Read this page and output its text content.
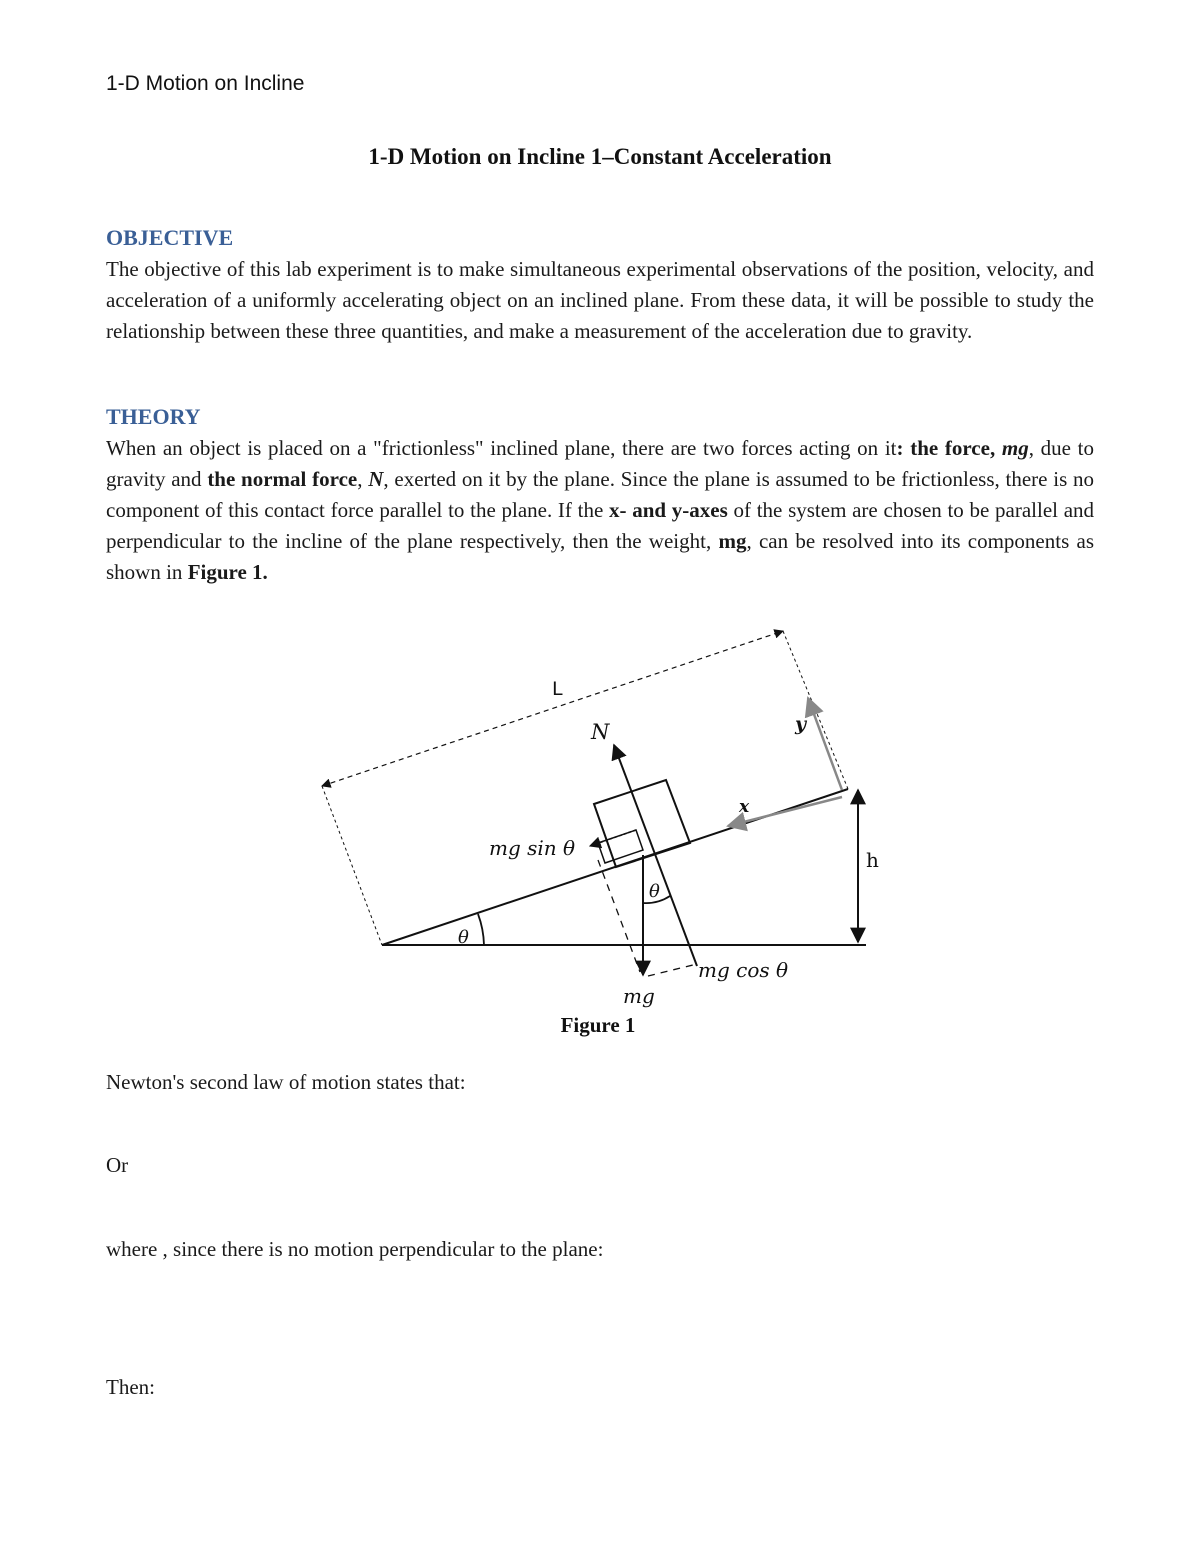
1-D Motion on Incline
1-D Motion on Incline 1–Constant Acceleration
OBJECTIVE
The objective of this lab experiment is to make simultaneous experimental observations of the position, velocity, and acceleration of a uniformly accelerating object on an inclined plane. From these data, it will be possible to study the relationship between these three quantities, and make a measurement of the acceleration due to gravity.
THEORY
When an object is placed on a "frictionless" inclined plane, there are two forces acting on it: the force, mg, due to gravity and the normal force, N, exerted on it by the plane. Since the plane is assumed to be frictionless, there is no component of this contact force parallel to the plane. If the x- and y-axes of the system are chosen to be parallel and perpendicular to the incline of the plane respectively, then the weight, mg, can be resolved into its components as shown in Figure 1.
L
N	y
x
h
θ
θ
mg sin θ
mg cos θ
mg
Figure 1
Newton's second law of motion states that:
Or
where , since there is no motion perpendicular to the plane:
Then:
